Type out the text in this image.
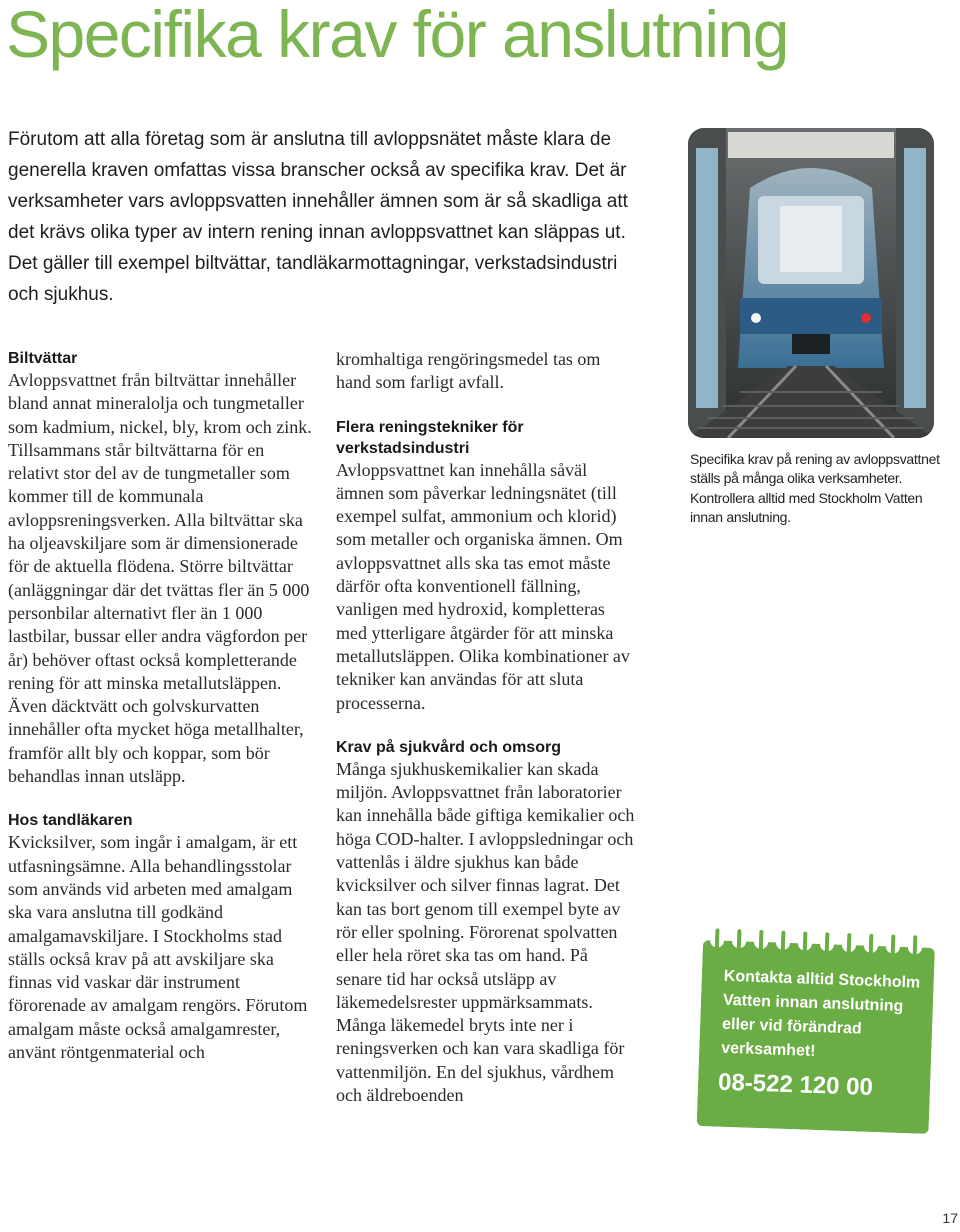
Specifika krav för anslutning

Förutom att alla företag som är anslutna till avloppsnätet måste klara de generella kraven omfattas vissa branscher också av specifika krav. Det är verksamheter vars avloppsvatten innehåller ämnen som är så skadliga att det krävs olika typer av intern rening innan avloppsvattnet kan släppas ut. Det gäller till exempel biltvättar, tandläkarmottagningar, verkstadsindustri och sjukhus.

Biltvättar

Avloppsvattnet från biltvättar innehåller bland annat mineralolja och tungmetaller som kadmium, nickel, bly, krom och zink. Tillsammans står biltvättarna för en relativt stor del av de tungmetaller som kommer till de kommunala avloppsreningsverken. Alla biltvättar ska ha oljeavskiljare som är dimensionerade för de aktuella flödena. Större biltvättar (anläggningar där det tvättas fler än 5 000 personbilar alternativt fler än 1 000 lastbilar, bussar eller andra vägfordon per år) behöver oftast också kompletterande rening för att minska metallutsläppen. Även däcktvätt och golvskurvatten innehåller ofta mycket höga metallhalter, framför allt bly och koppar, som bör behandlas innan utsläpp.

Hos tandläkaren

Kvicksilver, som ingår i amalgam, är ett utfasningsämne. Alla behandlingsstolar som används vid arbeten med amalgam ska vara anslutna till godkänd amalgamavskiljare. I Stockholms stad ställs också krav på att avskiljare ska finnas vid vaskar där instrument förorenade av amalgam rengörs. Förutom amalgam måste också amalgamrester, använt röntgenmaterial och

kromhaltiga rengöringsmedel tas om hand som farligt avfall.

Flera reningstekniker för verkstadsindustri

Avloppsvattnet kan innehålla såväl ämnen som påverkar ledningsnätet (till exempel sulfat, ammonium och klorid) som metaller och organiska ämnen. Om avloppsvattnet alls ska tas emot måste därför ofta konventionell fällning, vanligen med hydroxid, kompletteras med ytterligare åtgärder för att minska metallutsläppen. Olika kombinationer av tekniker kan användas för att sluta processerna.

Krav på sjukvård och omsorg

Många sjukhuskemikalier kan skada miljön. Avloppsvattnet från laboratorier kan innehålla både giftiga kemikalier och höga COD-halter. I avloppsledningar och vattenlås i äldre sjukhus kan både kvicksilver och silver finnas lagrat. Det kan tas bort genom till exempel byte av rör eller spolning. Förorenat spolvatten eller hela röret ska tas om hand. På senare tid har också utsläpp av läkemedelsrester uppmärksammats. Många läkemedel bryts inte ner i reningsverken och kan vara skadliga för vattenmiljön. En del sjukhus, vårdhem och äldreboenden

Specifika krav på rening av avloppsvattnet ställs på många olika verksamheter. Kontrollera alltid med Stockholm Vatten innan anslutning.
Kontakta alltid Stockholm Vatten innan anslutning eller vid förändrad verksamhet!
08-522 120 00
17
